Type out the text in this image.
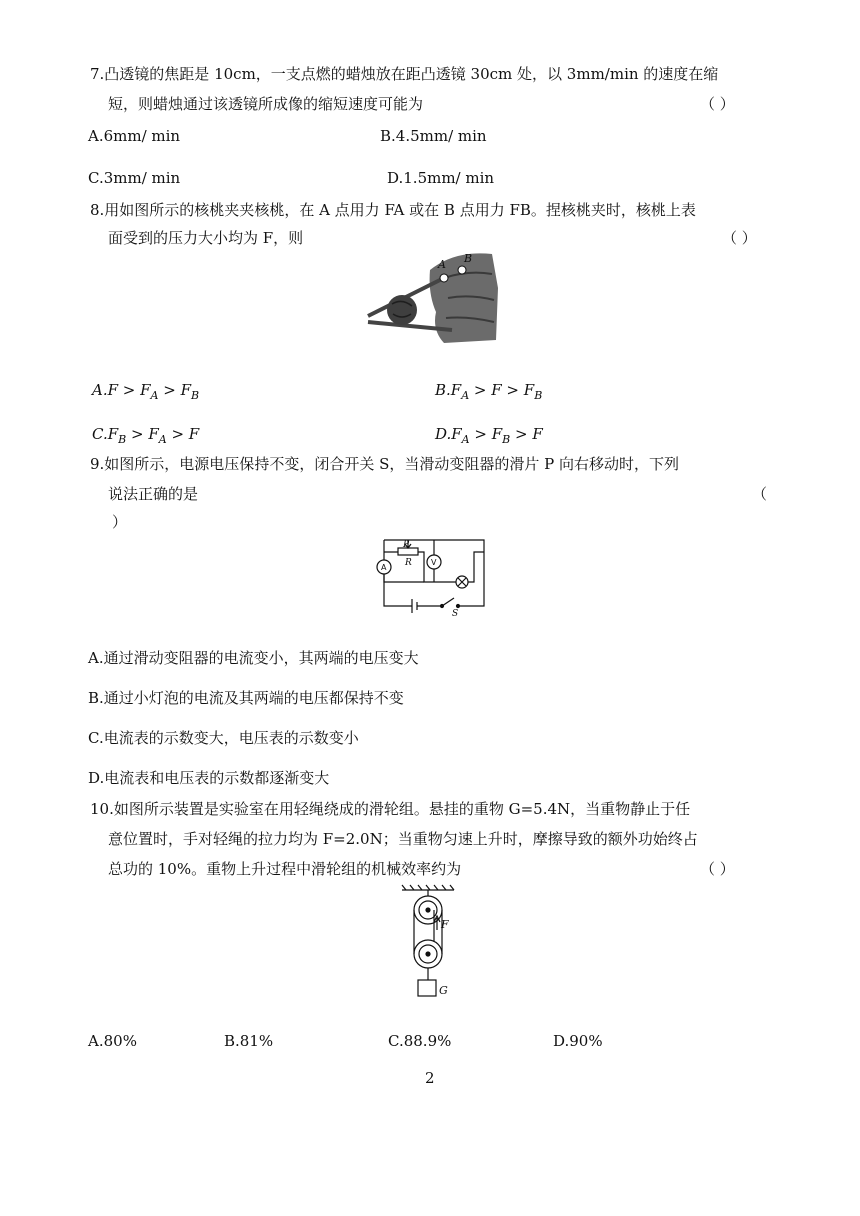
7.凸透镜的焦距是 10cm，一支点燃的蜡烛放在距凸透镜 30cm 处，以 3mm/min 的速度在缩
短，则蜡烛通过该透镜所成像的缩短速度可能为	（ ）
A.6mm/ min	B.4.5mm/ min
C.3mm/ min	D.1.5mm/ min
8.用如图所示的核桃夹夹核桃，在 A 点用力 FA 或在 B 点用力 FB。捏核桃夹时，核桃上表
面受到的压力大小均为 F，则	（ ）
A B
$A.F > F_A > F_B$	$B.F_A > F > F_B$
$C.F_B > F_A > F$	$D.F_A > F_B > F$
9.如图所示，电源电压保持不变，闭合开关 S，当滑动变阻器的滑片 P 向右移动时，下列
说法正确的是	（
）
P
R
A
V
S
A.通过滑动变阻器的电流变小，其两端的电压变大
B.通过小灯泡的电流及其两端的电压都保持不变
C.电流表的示数变大，电压表的示数变小
D.电流表和电压表的示数都逐渐变大
10.如图所示装置是实验室在用轻绳绕成的滑轮组。悬挂的重物 G=5.4N，当重物静止于任
意位置时，手对轻绳的拉力均为 F=2.0N；当重物匀速上升时，摩擦导致的额外功始终占
总功的 10%。重物上升过程中滑轮组的机械效率约为	（ ）
F
G
A.80%	B.81%	C.88.9%	D.90%
2
